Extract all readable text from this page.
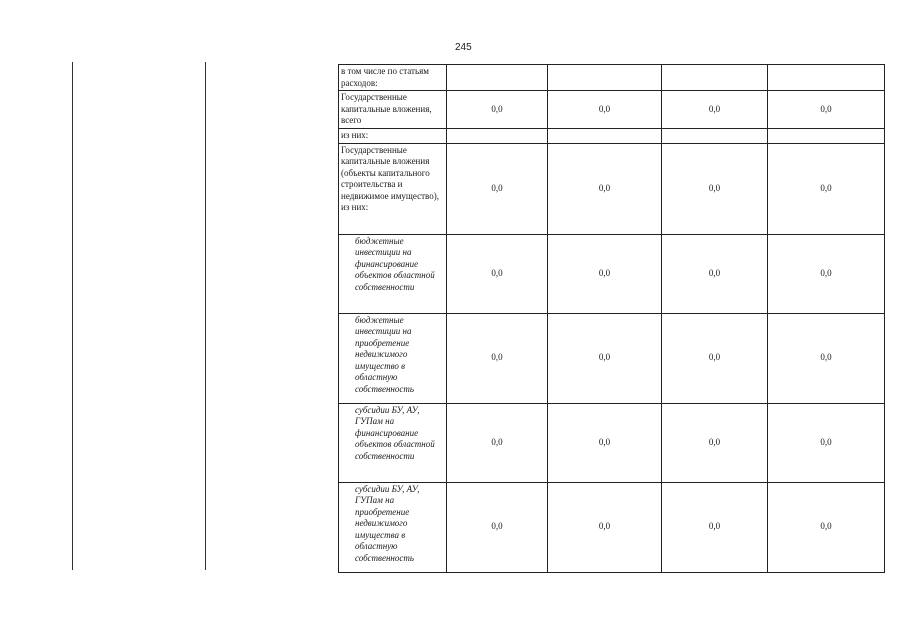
245
в том числе по статьям расходов:				
Государственные капитальные вложения, всего	0,0	0,0	0,0	0,0
из них:				
Государственные капитальные вложения (объекты капитального строительства и недвижимое имущество), из них:	0,0	0,0	0,0	0,0
бюджетные инвестиции на финансирование объектов областной собственности	0,0	0,0	0,0	0,0
бюджетные инвестиции на приобретение недвижимого имущество в областную собственность	0,0	0,0	0,0	0,0
субсидии БУ, АУ, ГУПам на финансирование объектов областной собственности	0,0	0,0	0,0	0,0
субсидии БУ, АУ, ГУПам на приобретение недвижимого имущества в областную собственность	0,0	0,0	0,0	0,0
